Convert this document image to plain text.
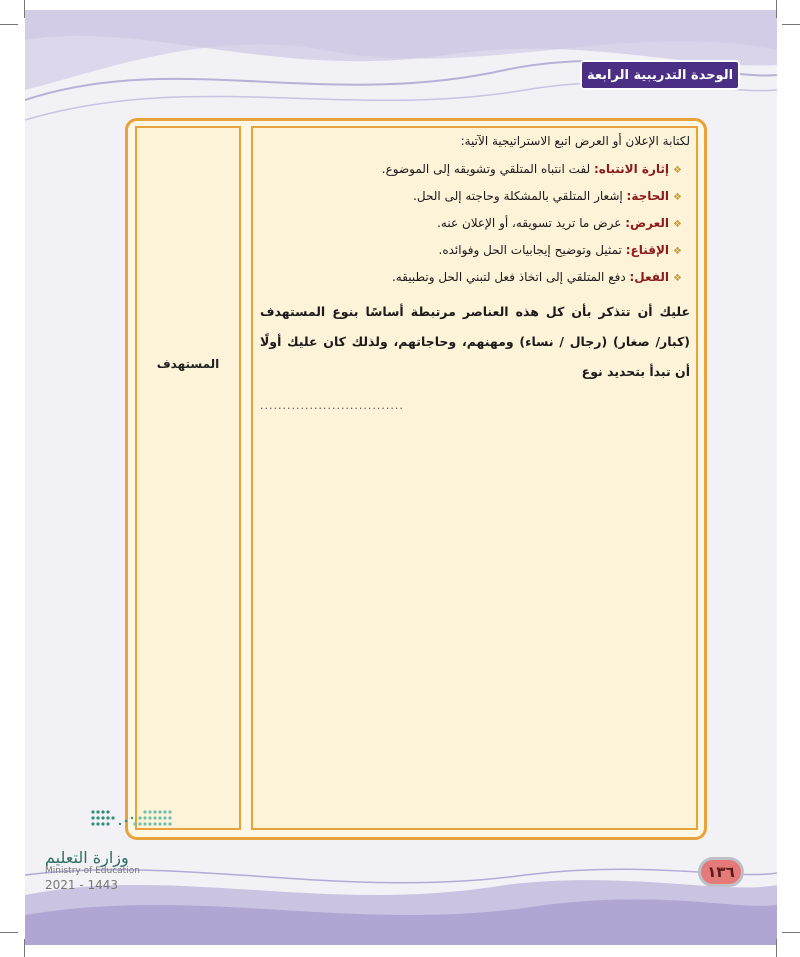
الوحدة التدريبية الرابعة
المستهدف

لكتابة الإعلان أو العرض اتبع الاستراتيجية الآتية:

❖إثارة الانتباه: لفت انتباه المتلقي وتشويقه إلى الموضوع.
❖الحاجة: إشعار المتلقي بالمشكلة وحاجته إلى الحل.
❖العرض: عرض ما تريد تسويقه، أو الإعلان عنه.
❖الإقناع: تمثيل وتوضيح إيجابيات الحل وفوائده.
❖الفعل: دفع المتلقي إلى اتخاذ فعل لتبني الحل وتطبيقه.

عليك أن تتذكر بأن كل هذه العناصر مرتبطة أساسًا بنوع المستهدف (كبار/ صغار) (رجال / نساء) ومهنهم، وحاجاتهم، ولذلك كان عليك أولًا أن تبدأ بتحديد نوع

................................
وزارة التعليم
Ministry of Education
2021 - 1443
١٣٦
